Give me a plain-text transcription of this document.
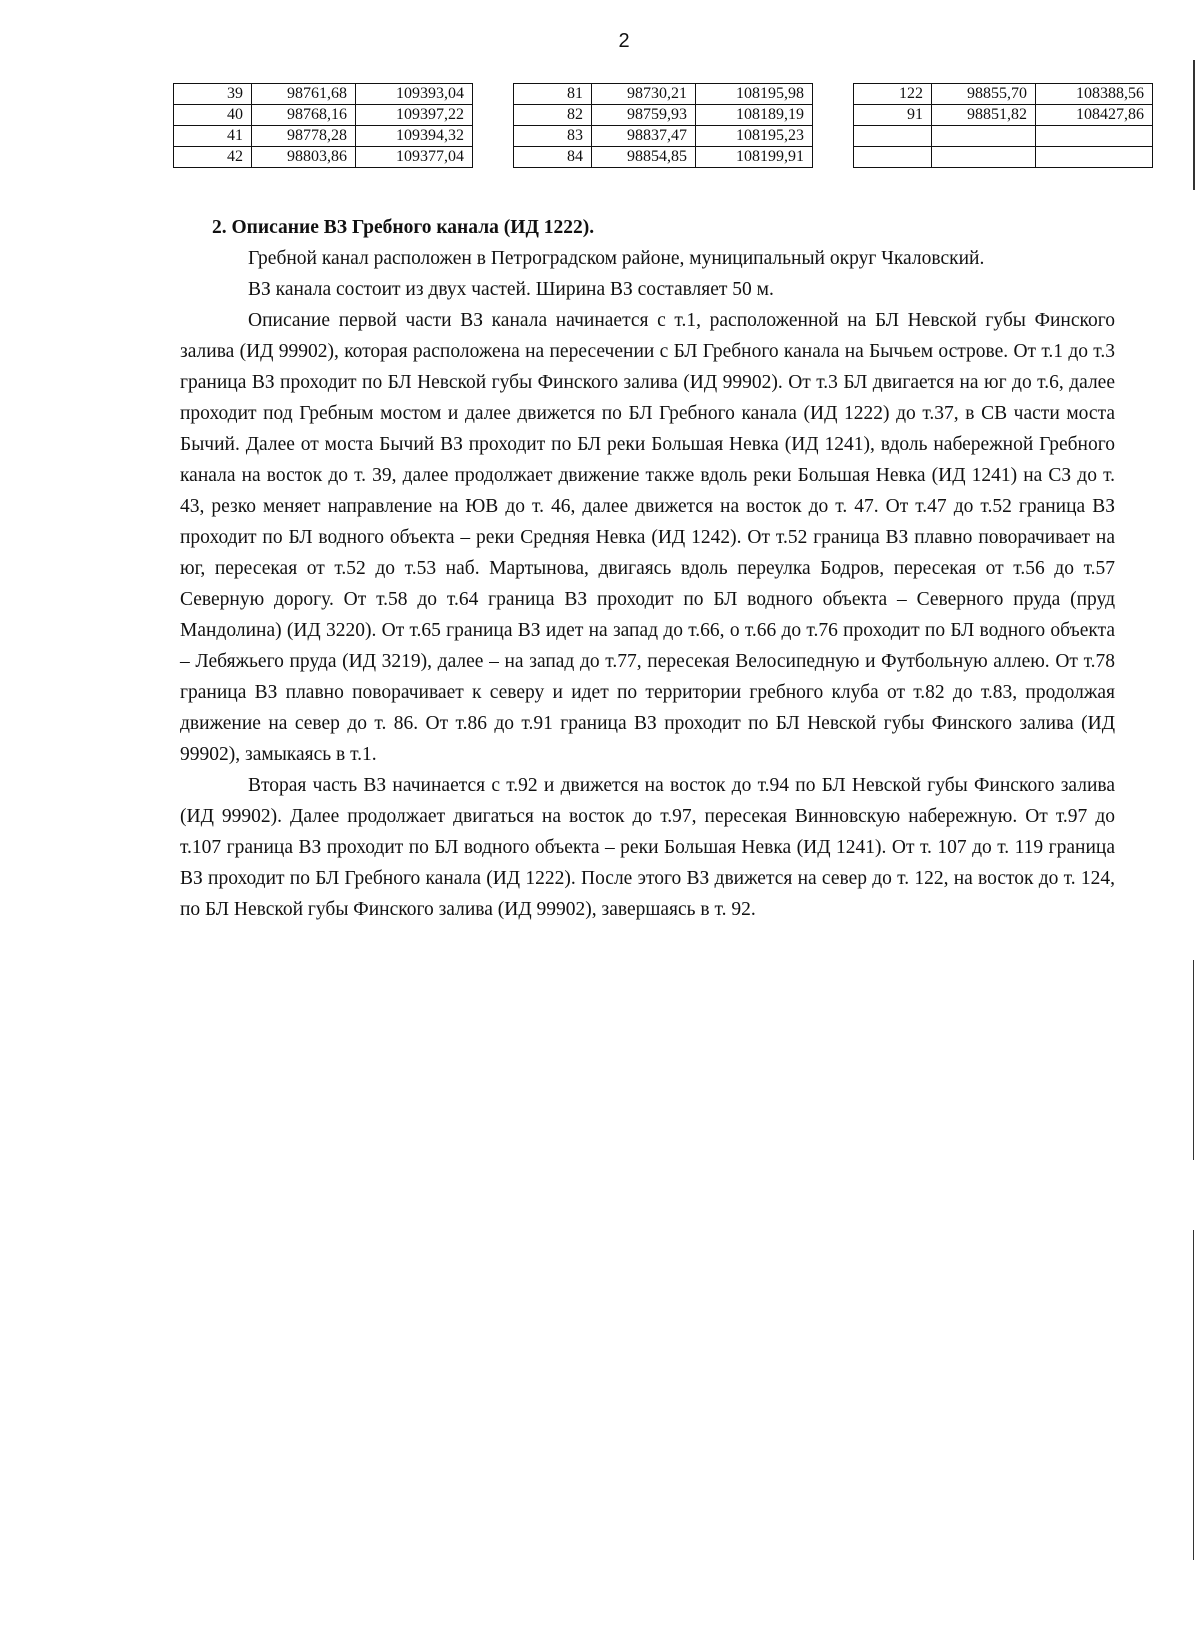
2
39	98761,68	109393,04
40	98768,16	109397,22
41	98778,28	109394,32
42	98803,86	109377,04
81	98730,21	108195,98
82	98759,93	108189,19
83	98837,47	108195,23
84	98854,85	108199,91
122	98855,70	108388,56
91	98851,82	108427,86

2. Описание ВЗ Гребного канала (ИД 1222).

Гребной канал расположен в Петроградском районе, муниципальный округ Чкаловский.

ВЗ канала состоит из двух частей. Ширина ВЗ составляет 50 м.

Описание первой части ВЗ канала начинается с т.1, расположенной на БЛ Невской губы Финского залива (ИД 99902), которая расположена на пересечении с БЛ Гребного канала на Бычьем острове. От т.1 до т.3 граница ВЗ проходит по БЛ Невской губы Финского залива (ИД 99902). От т.3 БЛ двигается на юг до т.6, далее проходит под Гребным мостом и далее движется по БЛ Гребного канала (ИД 1222) до т.37, в СВ части моста Бычий. Далее от моста Бычий ВЗ проходит по БЛ реки Большая Невка (ИД 1241), вдоль набережной Гребного канала на восток до т. 39, далее продолжает движение также вдоль реки Большая Невка (ИД 1241) на СЗ до т. 43, резко меняет направление на ЮВ до т. 46, далее движется на восток до т. 47. От т.47 до т.52 граница ВЗ проходит по БЛ водного объекта – реки Средняя Невка (ИД 1242). От т.52 граница ВЗ плавно поворачивает на юг, пересекая от т.52 до т.53 наб. Мартынова, двигаясь вдоль переулка Бодров, пересекая от т.56 до т.57 Северную дорогу. От т.58 до т.64 граница ВЗ проходит по БЛ водного объекта – Северного пруда (пруд Мандолина) (ИД 3220). От т.65 граница ВЗ идет на запад до т.66, о т.66 до т.76 проходит по БЛ водного объекта – Лебяжьего пруда (ИД 3219), далее – на запад до т.77, пересекая Велосипедную и Футбольную аллею. От т.78 граница ВЗ плавно поворачивает к северу и идет по территории гребного клуба от т.82 до т.83, продолжая движение на север до т. 86. От т.86 до т.91 граница ВЗ проходит по БЛ Невской губы Финского залива (ИД 99902), замыкаясь в т.1.

Вторая часть ВЗ начинается с т.92 и движется на восток до т.94 по БЛ Невской губы Финского залива (ИД 99902). Далее продолжает двигаться на восток до т.97, пересекая Винновскую набережную. От т.97 до т.107 граница ВЗ проходит по БЛ водного объекта – реки Большая Невка (ИД 1241). От т. 107 до т. 119 граница ВЗ проходит по БЛ Гребного канала (ИД 1222). После этого ВЗ движется на север до т. 122, на восток до т. 124, по БЛ Невской губы Финского залива (ИД 99902), завершаясь в т. 92.
